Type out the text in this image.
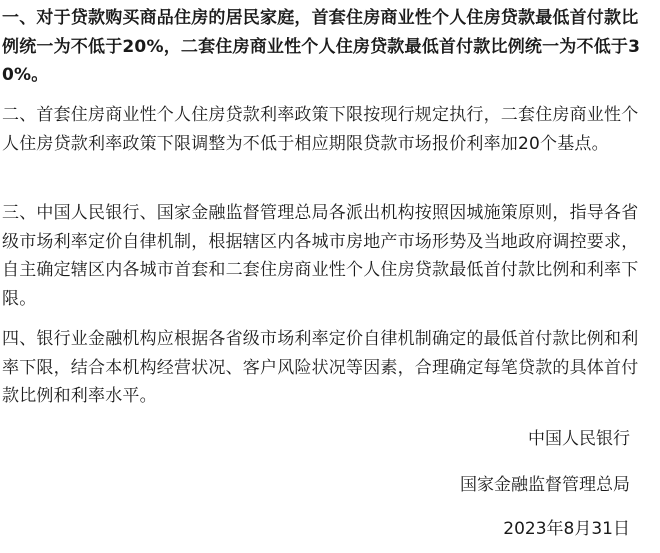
一、对于贷款购买商品住房的居民家庭，首套住房商业性个人住房贷款最低首付款比例统一为不低于20%，二套住房商业性个人住房贷款最低首付款比例统一为不低于30%。

二、首套住房商业性个人住房贷款利率政策下限按现行规定执行，二套住房商业性个人住房贷款利率政策下限调整为不低于相应期限贷款市场报价利率加20个基点。

三、中国人民银行、国家金融监督管理总局各派出机构按照因城施策原则，指导各省级市场利率定价自律机制，根据辖区内各城市房地产市场形势及当地政府调控要求，自主确定辖区内各城市首套和二套住房商业性个人住房贷款最低首付款比例和利率下限。

四、银行业金融机构应根据各省级市场利率定价自律机制确定的最低首付款比例和利率下限，结合本机构经营状况、客户风险状况等因素，合理确定每笔贷款的具体首付款比例和利率水平。

中国人民银行

国家金融监督管理总局

2023年8月31日
